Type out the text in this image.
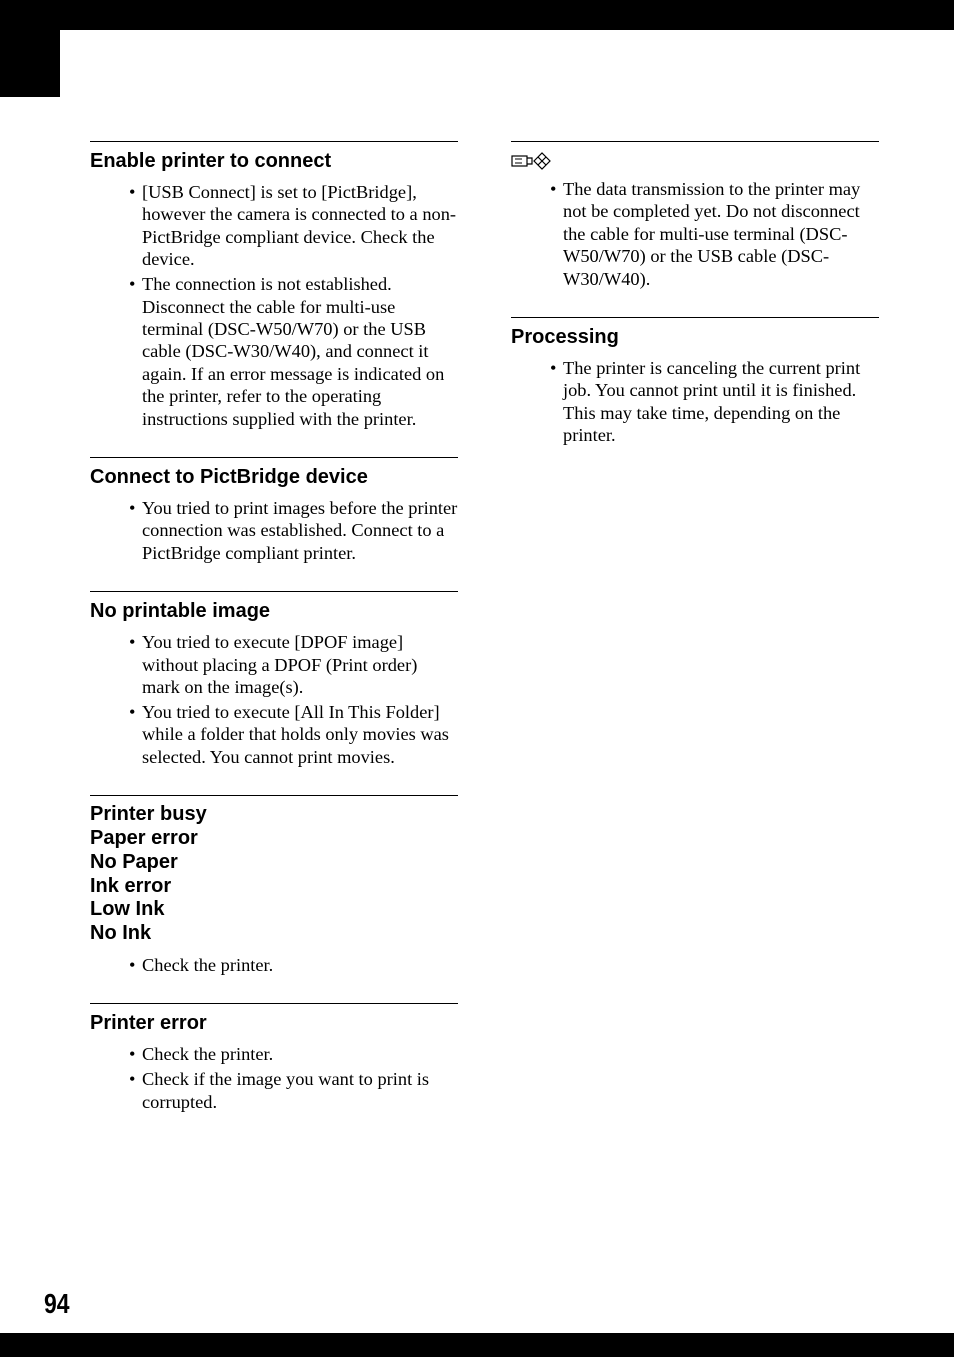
Enable printer to connect
• [USB Connect] is set to [PictBridge], however the camera is connected to a non-PictBridge compliant device. Check the device.
• The connection is not established. Disconnect the cable for multi-use terminal (DSC-W50/W70) or the USB cable (DSC-W30/W40), and connect it again. If an error message is indicated on the printer, refer to the operating instructions supplied with the printer.
Connect to PictBridge device
• You tried to print images before the printer connection was established. Connect to a PictBridge compliant printer.
No printable image
• You tried to execute [DPOF image] without placing a DPOF (Print order) mark on the image(s).
• You tried to execute [All In This Folder] while a folder that holds only movies was selected. You cannot print movies.

Printer busy

Paper error

No Paper

Ink error

Low Ink

No Ink

• Check the printer.
Printer error
• Check the printer.
• Check if the image you want to print is corrupted.
• The data transmission to the printer may not be completed yet. Do not disconnect the cable for multi-use terminal (DSC-W50/W70) or the USB cable (DSC-W30/W40).
Processing
• The printer is canceling the current print job. You cannot print until it is finished. This may take time, depending on the printer.
94
